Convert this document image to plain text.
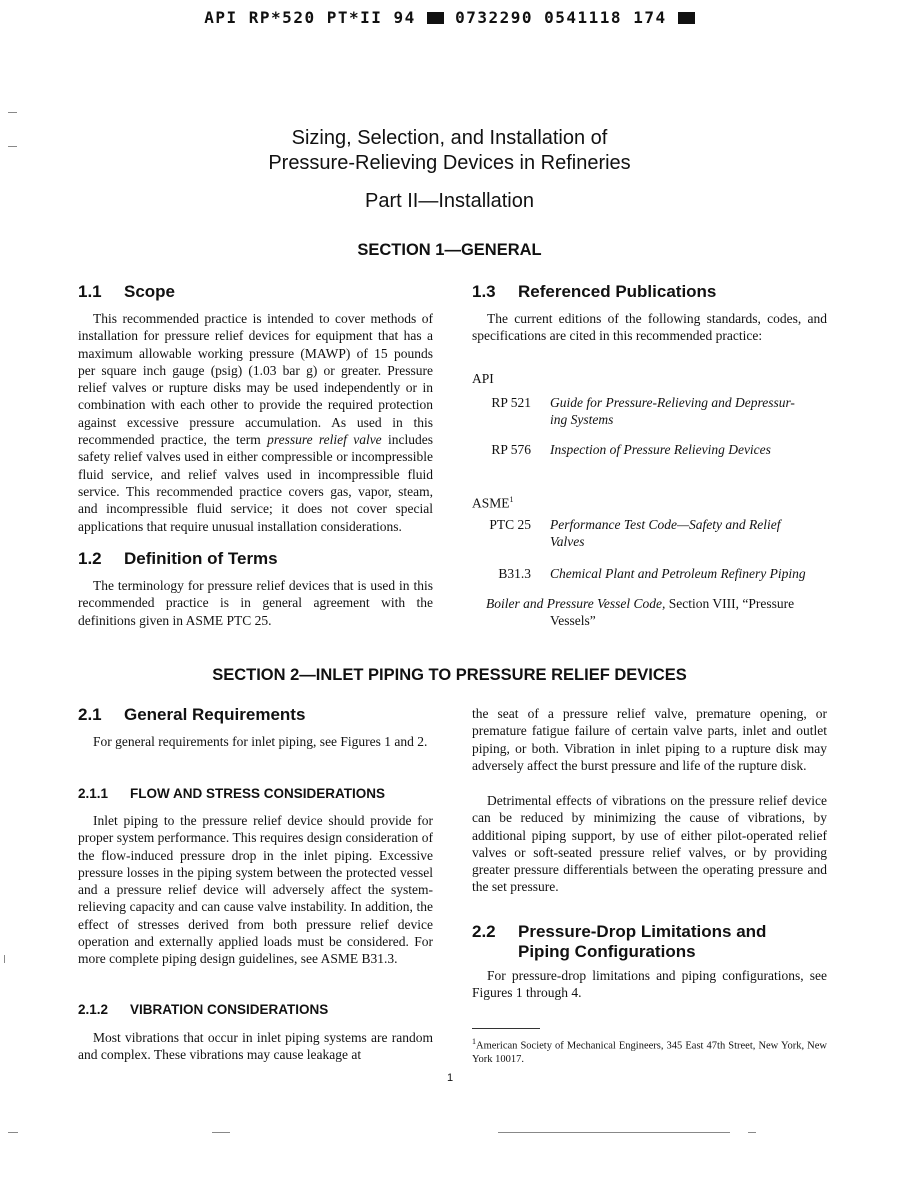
API RP*520 PT*II 94 0732290 0541118 174
Sizing, Selection, and Installation of
Pressure-Relieving Devices in Refineries
Part II—Installation
SECTION 1—GENERAL
1.1 Scope
This recommended practice is intended to cover methods of installation for pressure relief devices for equipment that has a maximum allowable working pressure (MAWP) of 15 pounds per square inch gauge (psig) (1.03 bar g) or greater. Pressure relief valves or rupture disks may be used independently or in combination with each other to provide the required protection against excessive pressure accumulation. As used in this recommended practice, the term pressure relief valve includes safety relief valves used in either compressible or incompressible fluid service, and relief valves used in incompressible fluid service. This recommended practice covers gas, vapor, steam, and incompressible fluid service; it does not cover special applications that require unusual installation considerations.
1.2 Definition of Terms
The terminology for pressure relief devices that is used in this recommended practice is in general agreement with the definitions given in ASME PTC 25.
1.3 Referenced Publications
The current editions of the following standards, codes, and specifications are cited in this recommended practice:
API
RP 521 Guide for Pressure-Relieving and Depressur-
ing Systems
RP 576 Inspection of Pressure Relieving Devices
ASME$^1$
PTC 25 Performance Test Code—Safety and Relief
Valves
B31.3 Chemical Plant and Petroleum Refinery Piping
Boiler and Pressure Vessel Code, Section VIII, “Pressure
Vessels”
SECTION 2—INLET PIPING TO PRESSURE RELIEF DEVICES
2.1 General Requirements
For general requirements for inlet piping, see Figures 1 and 2.
2.1.1 FLOW AND STRESS CONSIDERATIONS
Inlet piping to the pressure relief device should provide for proper system performance. This requires design consideration of the flow-induced pressure drop in the inlet piping. Excessive pressure losses in the piping system between the protected vessel and a pressure relief device will adversely affect the system-relieving capacity and can cause valve instability. In addition, the effect of stresses derived from both pressure relief device operation and externally applied loads must be considered. For more complete piping design guidelines, see ASME B31.3.
2.1.2 VIBRATION CONSIDERATIONS
Most vibrations that occur in inlet piping systems are random and complex. These vibrations may cause leakage at
the seat of a pressure relief valve, premature opening, or premature fatigue failure of certain valve parts, inlet and outlet piping, or both. Vibration in inlet piping to a rupture disk may adversely affect the burst pressure and life of the rupture disk.
Detrimental effects of vibrations on the pressure relief device can be reduced by minimizing the cause of vibrations, by additional piping support, by use of either pilot-operated relief valves or soft-seated pressure relief valves, or by providing greater pressure differentials between the operating pressure and the set pressure.
2.2 Pressure-Drop Limitations and
Piping Configurations
For pressure-drop limitations and piping configurations, see Figures 1 through 4.
$^1$American Society of Mechanical Engineers, 345 East 47th Street, New York, New York 10017.
1
